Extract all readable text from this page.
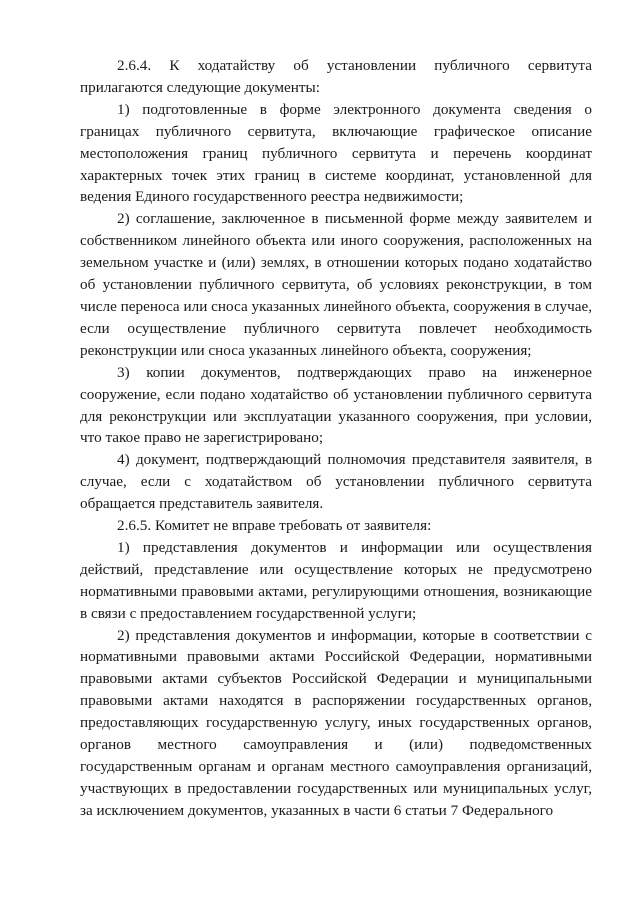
2.6.4. К ходатайству об установлении публичного сервитута прилагаются следующие документы:

1) подготовленные в форме электронного документа сведения о границах публичного сервитута, включающие графическое описание местоположения границ публичного сервитута и перечень координат характерных точек этих границ в системе координат, установленной для ведения Единого государственного реестра недвижимости;

2) соглашение, заключенное в письменной форме между заявителем и собственником линейного объекта или иного сооружения, расположенных на земельном участке и (или) землях, в отношении которых подано ходатайство об установлении публичного сервитута, об условиях реконструкции, в том числе переноса или сноса указанных линейного объекта, сооружения в случае, если осуществление публичного сервитута повлечет необходимость реконструкции или сноса указанных линейного объекта, сооружения;

3) копии документов, подтверждающих право на инженерное сооружение, если подано ходатайство об установлении публичного сервитута для реконструкции или эксплуатации указанного сооружения, при условии, что такое право не зарегистрировано;

4) документ, подтверждающий полномочия представителя заявителя, в случае, если с ходатайством об установлении публичного сервитута обращается представитель заявителя.

2.6.5. Комитет не вправе требовать от заявителя:

1) представления документов и информации или осуществления действий, представление или осуществление которых не предусмотрено нормативными правовыми актами, регулирующими отношения, возникающие в связи с предоставлением государственной услуги;

2) представления документов и информации, которые в соответствии с нормативными правовыми актами Российской Федерации, нормативными правовыми актами субъектов Российской Федерации и муниципальными правовыми актами находятся в распоряжении государственных органов, предоставляющих государственную услугу, иных государственных органов, органов местного самоуправления и (или) подведомственных государственным органам и органам местного самоуправления организаций, участвующих в предоставлении государственных или муниципальных услуг, за исключением документов, указанных в части 6 статьи 7 Федерального
